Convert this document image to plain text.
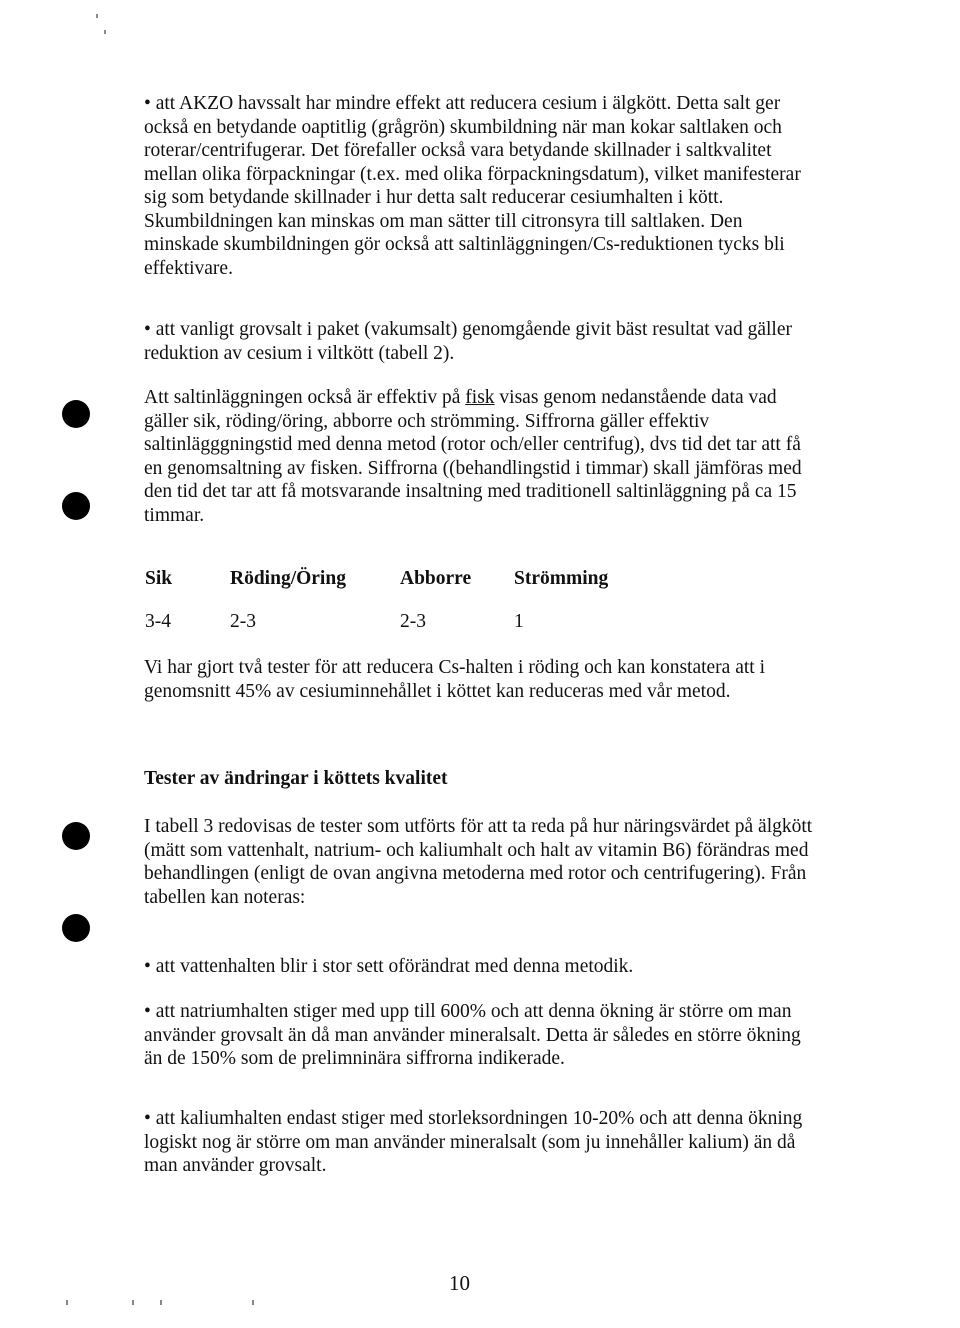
• att AKZO havssalt har mindre effekt att reducera cesium i älgkött. Detta salt ger också en betydande oaptitlig (grågrön) skumbildning när man kokar saltlaken och roterar/centrifugerar. Det förefaller också vara betydande skillnader i saltkvalitet mellan olika förpackningar (t.ex. med olika förpackningsdatum), vilket manifesterar sig som betydande skillnader i hur detta salt reducerar cesiumhalten i kött. Skumbildningen kan minskas om man sätter till citronsyra till saltlaken. Den minskade skumbildningen gör också att saltinläggningen/Cs-reduktionen tycks bli effektivare.

• att vanligt grovsalt i paket (vakumsalt) genomgående givit bäst resultat vad gäller reduktion av cesium i viltkött (tabell 2).

Att saltinläggningen också är effektiv på fisk visas genom nedanstående data vad gäller sik, röding/öring, abborre och strömming. Siffrorna gäller effektiv saltinlägggningstid med denna metod (rotor och/eller centrifug), dvs tid det tar att få en genomsaltning av fisken. Siffrorna ((behandlingstid i timmar) skall jämföras med den tid det tar att få motsvarande insaltning med traditionell saltinläggning på ca 15 timmar.

Sik	Röding/Öring	Abborre Strömming

3-4	2-3	2-3	1

Vi har gjort två tester för att reducera Cs-halten i röding och kan konstatera att i genomsnitt 45% av cesiuminnehållet i köttet kan reduceras med vår metod.

Tester av ändringar i köttets kvalitet

I tabell 3 redovisas de tester som utförts för att ta reda på hur näringsvärdet på älgkött (mätt som vattenhalt, natrium- och kaliumhalt och halt av vitamin B6) förändras med behandlingen (enligt de ovan angivna metoderna med rotor och centrifugering). Från tabellen kan noteras:

• att vattenhalten blir i stor sett oförändrat med denna metodik.

• att natriumhalten stiger med upp till 600% och att denna ökning är större om man använder grovsalt än då man använder mineralsalt. Detta är således en större ökning än de 150% som de prelimninära siffrorna indikerade.

• att kaliumhalten endast stiger med storleksordningen 10-20% och att denna ökning logiskt nog är större om man använder mineralsalt (som ju innehåller kalium) än då man använder grovsalt.

10
